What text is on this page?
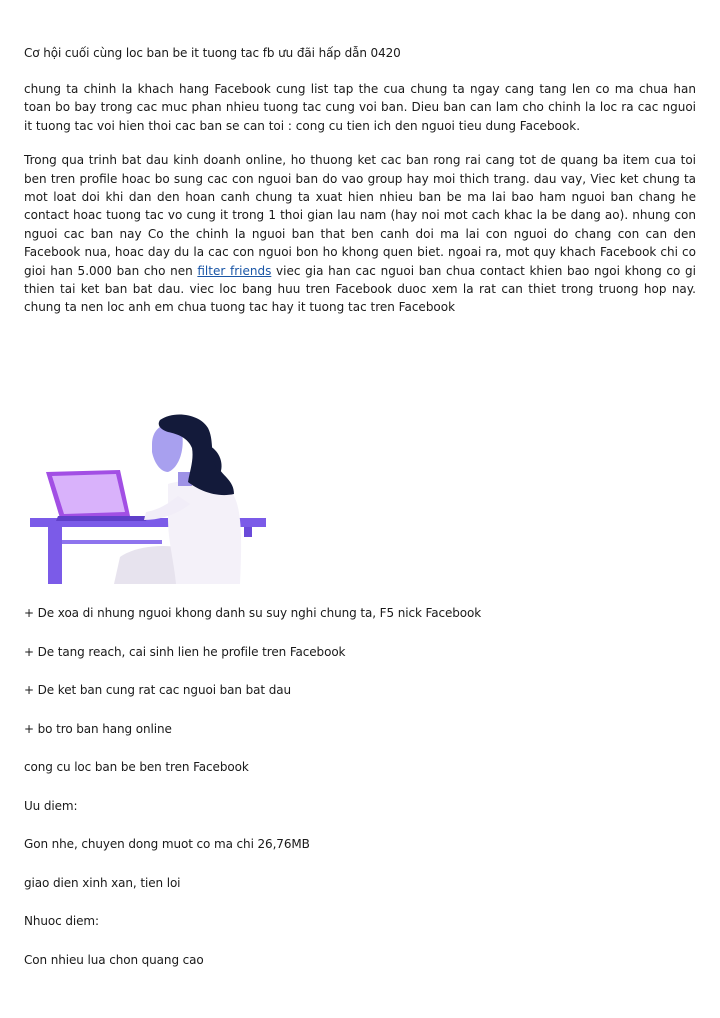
Cơ hội cuối cùng loc ban be it tuong tac fb ưu đãi hấp dẫn 0420

chung ta chinh la khach hang Facebook cung list tap the cua chung ta ngay cang tang len co ma chua han toan bo bay trong cac muc phan nhieu tuong tac cung voi ban. Dieu ban can lam cho chinh la loc ra cac nguoi it tuong tac voi hien thoi cac ban se can toi : cong cu tien ich den nguoi tieu dung Facebook.

Trong qua trinh bat dau kinh doanh online, ho thuong ket cac ban rong rai cang tot de quang ba item cua toi ben tren profile hoac bo sung cac con nguoi ban do vao group hay moi thich trang. dau vay, Viec ket chung ta mot loat doi khi dan den hoan canh chung ta xuat hien nhieu ban be ma lai bao ham nguoi ban chang he contact hoac tuong tac vo cung it trong 1 thoi gian lau nam (hay noi mot cach khac la be dang ao). nhung con nguoi cac ban nay Co the chinh la nguoi ban that ben canh doi ma lai con nguoi do chang con can den Facebook nua, hoac day du la cac con nguoi bon ho khong quen biet. ngoai ra, mot quy khach Facebook chi co gioi han 5.000 ban cho nen filter friends viec gia han cac nguoi ban chua contact khien bao ngoi khong co gi thien tai ket ban bat dau. viec loc bang huu tren Facebook duoc xem la rat can thiet trong truong hop nay. chung ta nen loc anh em chua tuong tac hay it tuong tac tren Facebook

+ De xoa di nhung nguoi khong danh su suy nghi chung ta, F5 nick Facebook

+ De tang reach, cai sinh lien he profile tren Facebook

+ De ket ban cung rat cac nguoi ban bat dau

+ bo tro ban hang online

cong cu loc ban be ben tren Facebook

Uu diem:

Gon nhe, chuyen dong muot co ma chi 26,76MB

giao dien xinh xan, tien loi

Nhuoc diem:

Con nhieu lua chon quang cao
